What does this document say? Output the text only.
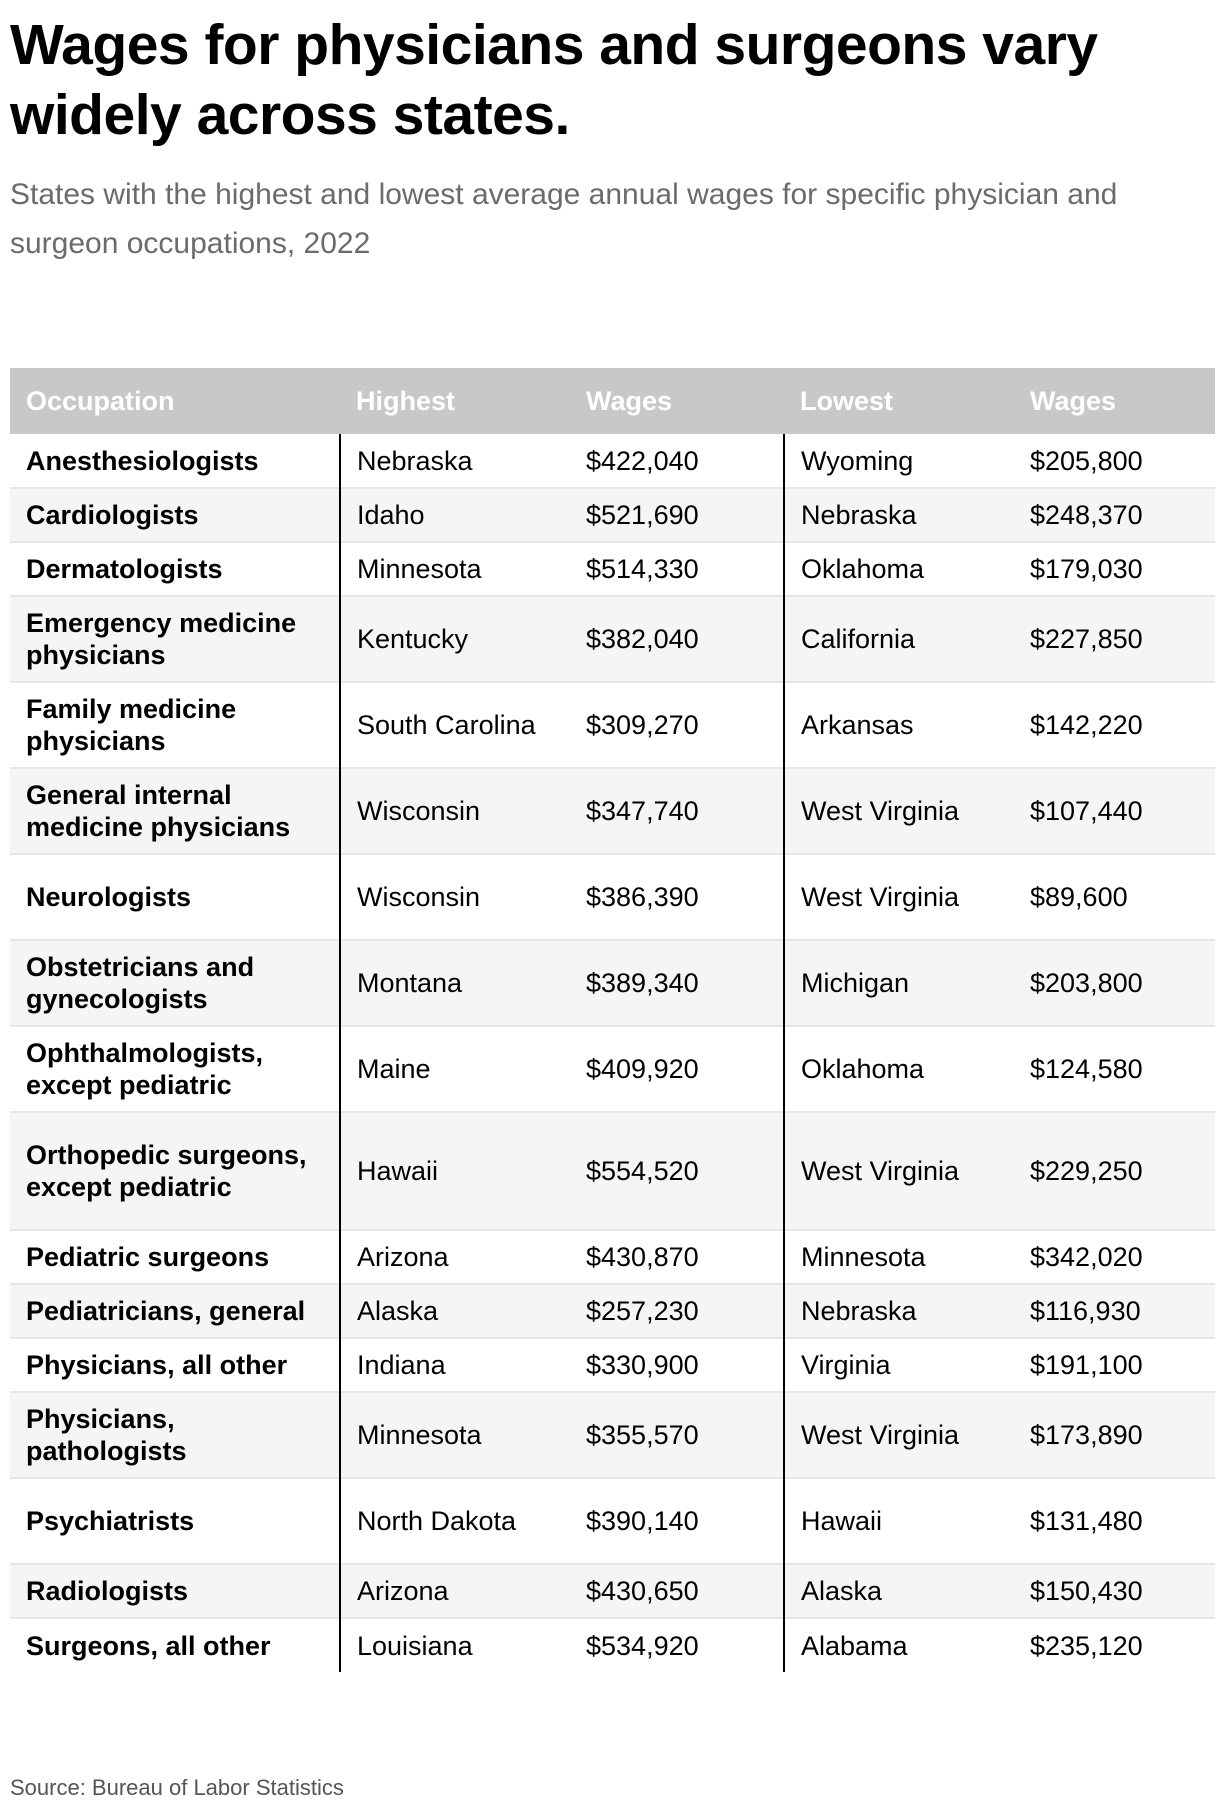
Wages for physicians and surgeons vary widely across states.

States with the highest and lowest average annual wages for specific physician and surgeon occupations, 2022

Occupation	Highest	Wages	Lowest	Wages
Anesthesiologists	Nebraska	$422,040	Wyoming	$205,800
Cardiologists	Idaho	$521,690	Nebraska	$248,370
Dermatologists	Minnesota	$514,330	Oklahoma	$179,030
Emergency medicine physicians	Kentucky	$382,040	California	$227,850
Family medicine physicians	South Carolina	$309,270	Arkansas	$142,220
General internal medicine physicians	Wisconsin	$347,740	West Virginia	$107,440
Neurologists	Wisconsin	$386,390	West Virginia	$89,600
Obstetricians and gynecologists	Montana	$389,340	Michigan	$203,800
Ophthalmologists, except pediatric	Maine	$409,920	Oklahoma	$124,580
Orthopedic surgeons, except pediatric	Hawaii	$554,520	West Virginia	$229,250
Pediatric surgeons	Arizona	$430,870	Minnesota	$342,020
Pediatricians, general	Alaska	$257,230	Nebraska	$116,930
Physicians, all other	Indiana	$330,900	Virginia	$191,100
Physicians, pathologists	Minnesota	$355,570	West Virginia	$173,890
Psychiatrists	North Dakota	$390,140	Hawaii	$131,480
Radiologists	Arizona	$430,650	Alaska	$150,430
Surgeons, all other	Louisiana	$534,920	Alabama	$235,120

Source: Bureau of Labor Statistics
